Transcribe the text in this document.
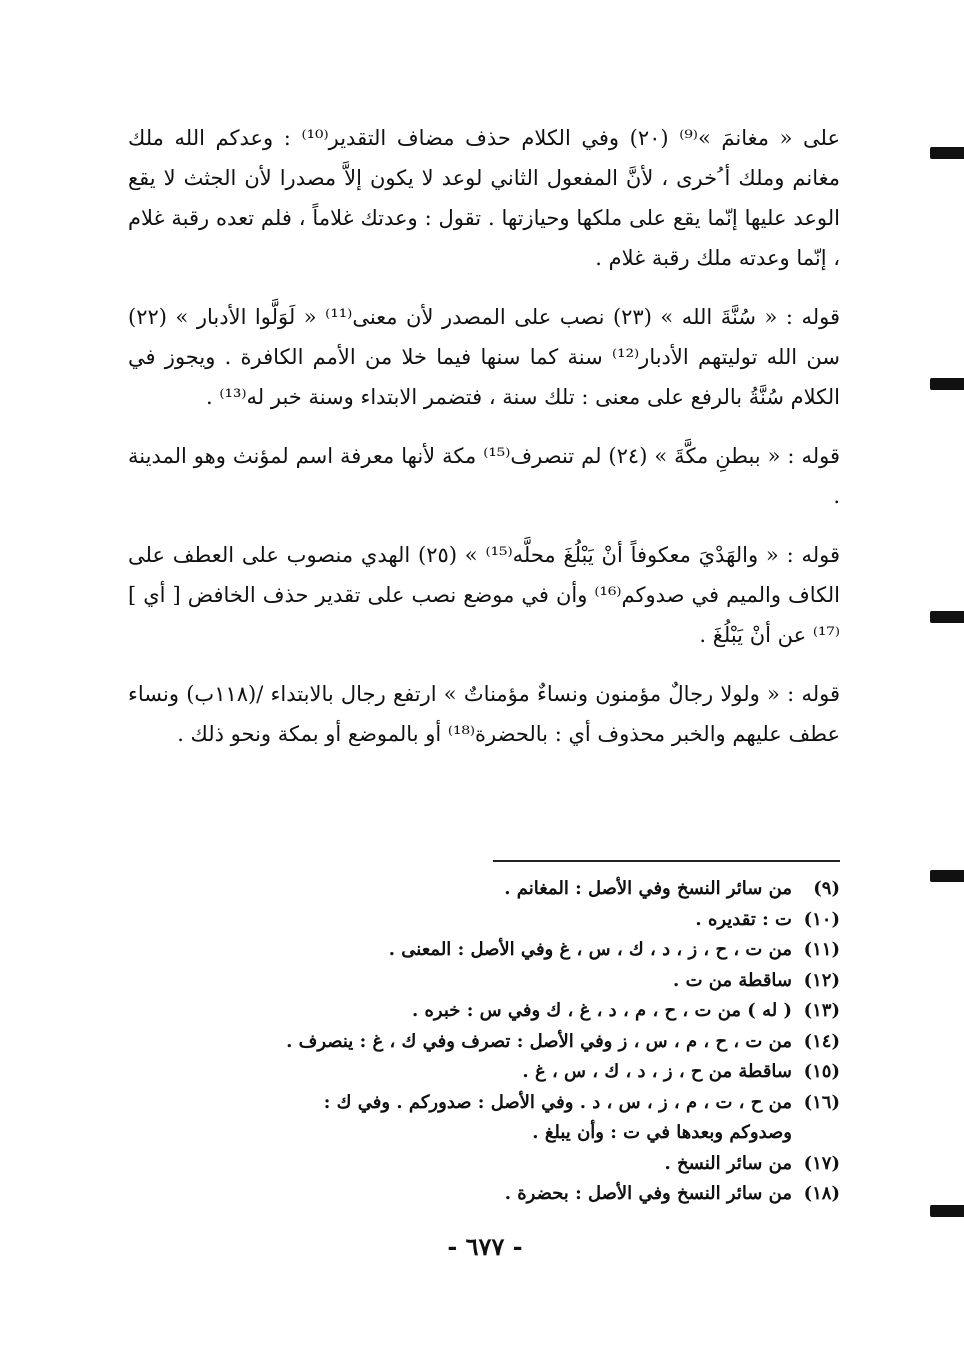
على « مغانمَ »⁽⁹⁾ (٢٠) وفي الكلام حذف مضاف التقدير⁽¹⁰⁾ : وعدكم الله ملك مغانم وملك أ ُخرى ، لأنَّ المفعول الثاني لوعد لا يكون إلاَّ مصدرا لأن الجثث لا يقع الوعد عليها إنّما يقع على ملكها وحيازتها . تقول : وعدتك غلاماً ، فلم تعده رقبة غلام ، إنّما وعدته ملك رقبة غلام .

قوله : « سُنَّةَ الله » (٢٣) نصب على المصدر لأن معنى⁽¹¹⁾ « لَوَلَّوا الأدبار » (٢٢) سن الله توليتهم الأدبار⁽¹²⁾ سنة كما سنها فيما خلا من الأمم الكافرة . ويجوز في الكلام سُنَّةُ بالرفع على معنى : تلك سنة ، فتضمر الابتداء وسنة خبر له⁽¹³⁾ .

قوله : « ببطنِ مكَّةَ » (٢٤) لم تنصرف⁽¹⁵⁾ مكة لأنها معرفة اسم لمؤنث وهو المدينة .

قوله : « والهَدْيَ معكوفاً أنْ يَبْلُغَ محلَّه⁽¹⁵⁾ » (٢٥) الهدي منصوب على العطف على الكاف والميم في صدوكم⁽¹⁶⁾ وأن في موضع نصب على تقدير حذف الخافض [ أي ]⁽¹⁷⁾ عن أنْ يَبْلُغَ .

قوله : « ولولا رجالٌ مؤمنون ونساءٌ مؤمناتٌ » ارتفع رجال بالابتداء /(١١٨ب) ونساء عطف عليهم والخبر محذوف أي : بالحضرة⁽¹⁸⁾ أو بالموضع أو بمكة ونحو ذلك .

(٩)
من سائر النسخ وفي الأصل : المغانم .
(١٠)
ت : تقديره .
(١١)
من ت ، ح ، ز ، د ، ك ، س ، غ وفي الأصل : المعنى .
(١٢)
ساقطة من ت .
(١٣)
( له ) من ت ، ح ، م ، د ، غ ، ك وفي س : خبره .
(١٤)
من ت ، ح ، م ، س ، ز وفي الأصل : تصرف وفي ك ، غ : ينصرف .
(١٥)
ساقطة من ح ، ز ، د ، ك ، س ، غ .
(١٦)
من ح ، ت ، م ، ز ، س ، د . وفي الأصل : صدوركم . وفي ك :
وصدوكم وبعدها في ت : وأن يبلغ .
(١٧)
من سائر النسخ .
(١٨)
من سائر النسخ وفي الأصل : بحضرة .
- ٦٧٧ -
